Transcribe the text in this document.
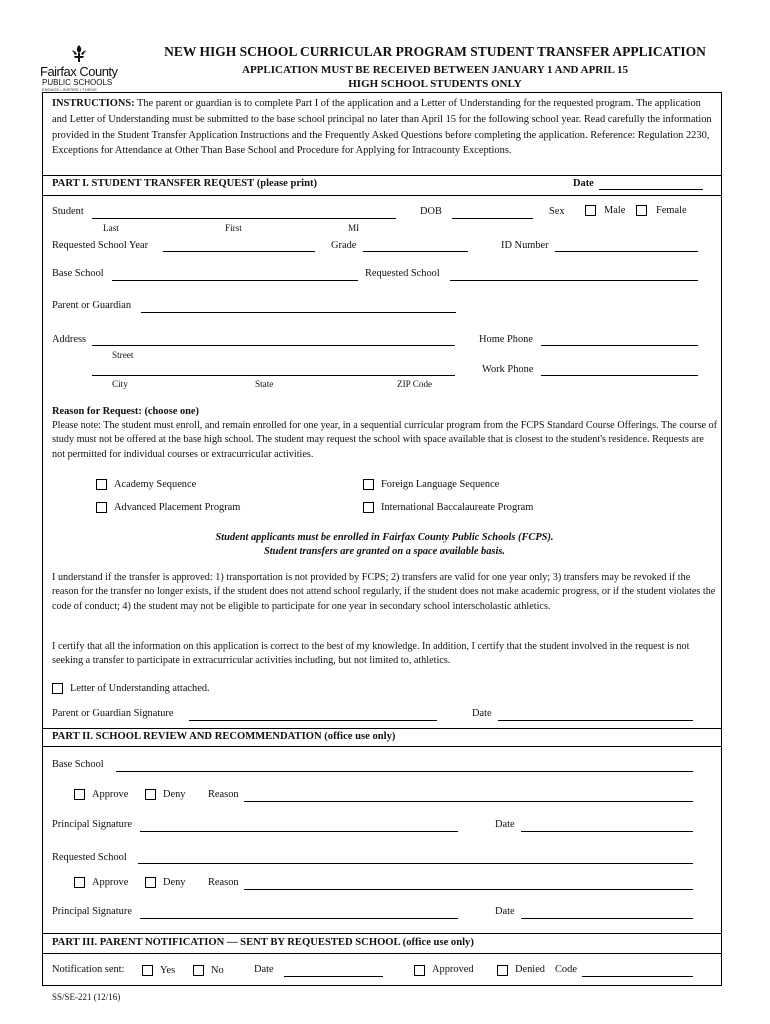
Fairfax County
PUBLIC SCHOOLS
ENGAGE • INSPIRE • THRIVE
NEW HIGH SCHOOL CURRICULAR PROGRAM STUDENT TRANSFER APPLICATION
APPLICATION MUST BE RECEIVED BETWEEN JANUARY 1 AND APRIL 15
HIGH SCHOOL STUDENTS ONLY
INSTRUCTIONS: The parent or guardian is to complete Part I of the application and a Letter of Understanding for the requested program. The application and Letter of Understanding must be submitted to the base school principal no later than April 15 for the following school year. Read carefully the information provided in the Student Transfer Application Instructions and the Frequently Asked Questions before completing the application. Reference: Regulation 2230, Exceptions for Attendance at Other Than Base School and Procedure for Applying for Intracounty Exceptions.
PART I. STUDENT TRANSFER REQUEST (please print)	Date
Student
Last	First	MI
DOB	Sex	Male	Female
Requested School Year	Grade	ID Number
Base School	Requested School
Parent or Guardian
Address
Street
Home Phone
City	State	ZIP Code
Work Phone
Reason for Request: (choose one)
Please note: The student must enroll, and remain enrolled for one year, in a sequential curricular program from the FCPS Standard Course Offerings. The course of study must not be offered at the base high school. The student may request the school with space available that is closest to the student's residence. Requests are not permitted for individual courses or extracurricular activities.
Academy Sequence	Foreign Language Sequence
Advanced Placement Program	International Baccalaureate Program
Student applicants must be enrolled in Fairfax County Public Schools (FCPS).
Student transfers are granted on a space available basis.
I understand if the transfer is approved: 1) transportation is not provided by FCPS; 2) transfers are valid for one year only; 3) transfers may be revoked if the reason for the transfer no longer exists, if the student does not attend school regularly, if the student does not make academic progress, or if the student violates the code of conduct; 4) the student may not be eligible to participate for one year in secondary school interscholastic athletics.
I certify that all the information on this application is correct to the best of my knowledge. In addition, I certify that the student involved in the request is not seeking a transfer to participate in extracurricular activities including, but not limited to, athletics.
Letter of Understanding attached.
Parent or Guardian Signature	Date
PART II. SCHOOL REVIEW AND RECOMMENDATION (office use only)
Base School
Approve	Deny Reason
Principal Signature	Date
Requested School
Approve	Deny Reason
Principal Signature	Date
PART III. PARENT NOTIFICATION — SENT BY REQUESTED SCHOOL (office use only)
Notification sent:	Yes	No	Date	Approved	Denied Code
SS/SE-221 (12/16)
